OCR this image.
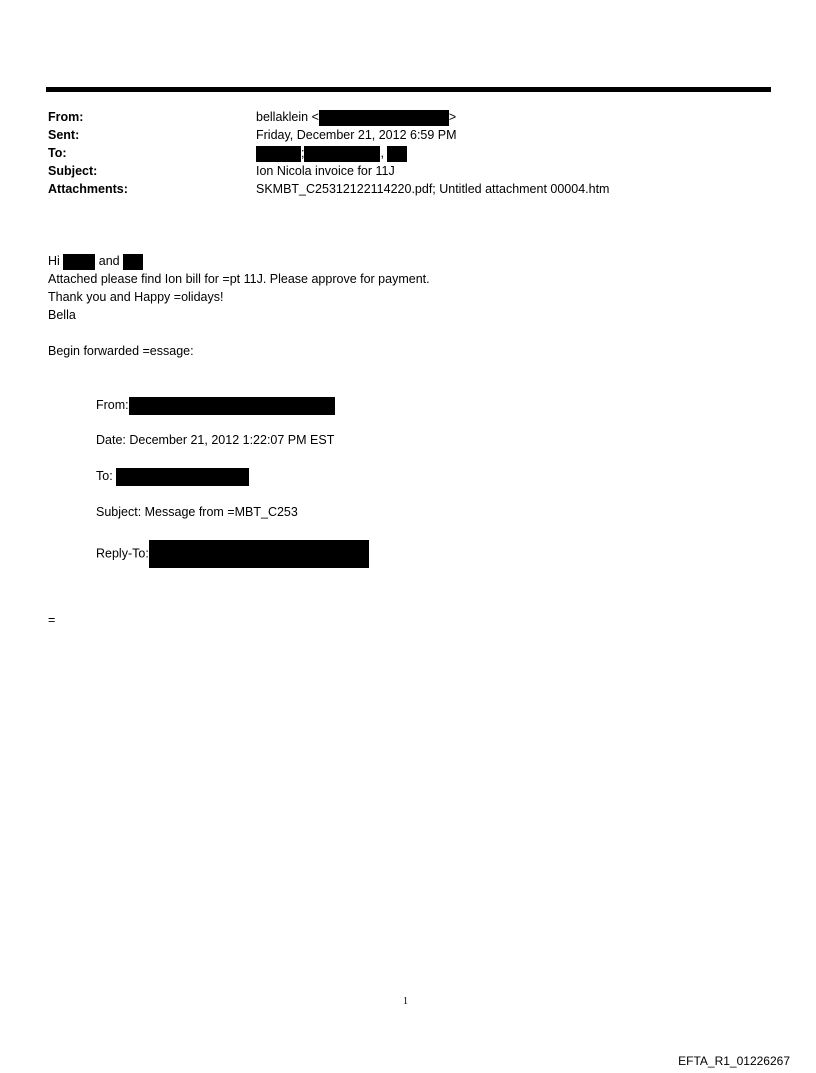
From:	bellaklein <	>
Sent:	Friday, December 21, 2012 6:59 PM
To:	;	,
Subject:	Ion Nicola invoice for 11J
Attachments:	SKMBT_C25312122114220.pdf; Untitled attachment 00004.htm
Hi	and
Attached please find Ion bill for =pt 11J. Please approve for payment.
Thank you and Happy =olidays!
Bella
Begin forwarded =essage:
From:
Date: December 21, 2012 1:22:07 PM EST
To:
Subject: Message from =MBT_C253
Reply-To:
=
1
EFTA_R1_01226267
